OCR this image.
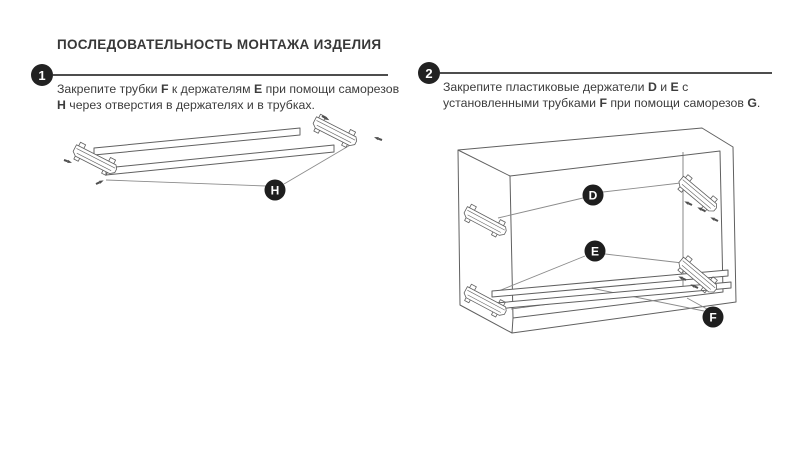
ПОСЛЕДОВАТЕЛЬНОСТЬ МОНТАЖА ИЗДЕЛИЯ
1
Закрепите трубки F к держателям E при помощи саморезов H через отверстия в держателях и в трубках.
2
Закрепите пластиковые держатели D и E с установленными трубками F при помощи саморезов G.
H	D
E
F
